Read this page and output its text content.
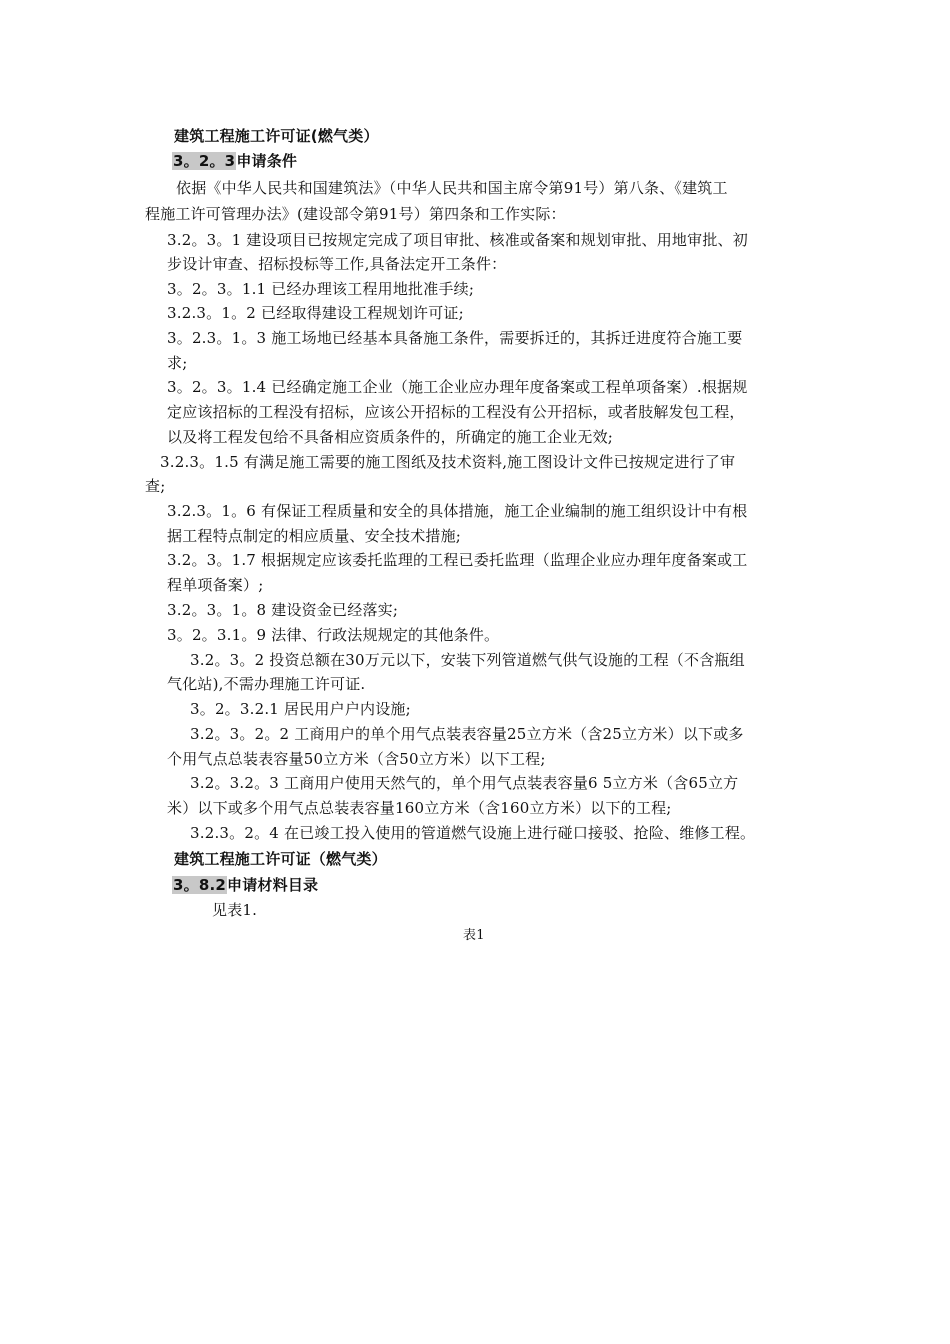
建筑工程施工许可证(燃气类）
3。2。3申请条件
依据《中华人民共和国建筑法》（中华人民共和国主席令第91号）第八条、《建筑工
程施工许可管理办法》(建设部令第91号）第四条和工作实际：
3.2。3。1 建设项目已按规定完成了项目审批、核准或备案和规划审批、用地审批、初
步设计审查、招标投标等工作,具备法定开工条件：
3。2。3。1.1 已经办理该工程用地批准手续;
3.2.3。1。2 已经取得建设工程规划许可证;
3。2.3。1。3 施工场地已经基本具备施工条件，需要拆迁的，其拆迁进度符合施工要
求;
3。2。3。1.4 已经确定施工企业（施工企业应办理年度备案或工程单项备案）.根据规
定应该招标的工程没有招标，应该公开招标的工程没有公开招标，或者肢解发包工程，
以及将工程发包给不具备相应资质条件的，所确定的施工企业无效;
3.2.3。1.5 有满足施工需要的施工图纸及技术资料,施工图设计文件已按规定进行了审
查;
3.2.3。1。6 有保证工程质量和安全的具体措施，施工企业编制的施工组织设计中有根
据工程特点制定的相应质量、安全技术措施;
3.2。3。1.7 根据规定应该委托监理的工程已委托监理（监理企业应办理年度备案或工
程单项备案）;
3.2。3。1。8 建设资金已经落实;
3。2。3.1。9 法律、行政法规规定的其他条件。
3.2。3。2 投资总额在30万元以下，安装下列管道燃气供气设施的工程（不含瓶组
气化站),不需办理施工许可证.
3。2。3.2.1 居民用户户内设施;
3.2。3。2。2 工商用户的单个用气点装表容量25立方米（含25立方米）以下或多
个用气点总装表容量50立方米（含50立方米）以下工程;
3.2。3.2。3 工商用户使用天然气的，单个用气点装表容量6 5立方米（含65立方
米）以下或多个用气点总装表容量160立方米（含160立方米）以下的工程;
3.2.3。2。4 在已竣工投入使用的管道燃气设施上进行碰口接驳、抢险、维修工程。
建筑工程施工许可证（燃气类）
3。8.2申请材料目录
见表1.
表1
